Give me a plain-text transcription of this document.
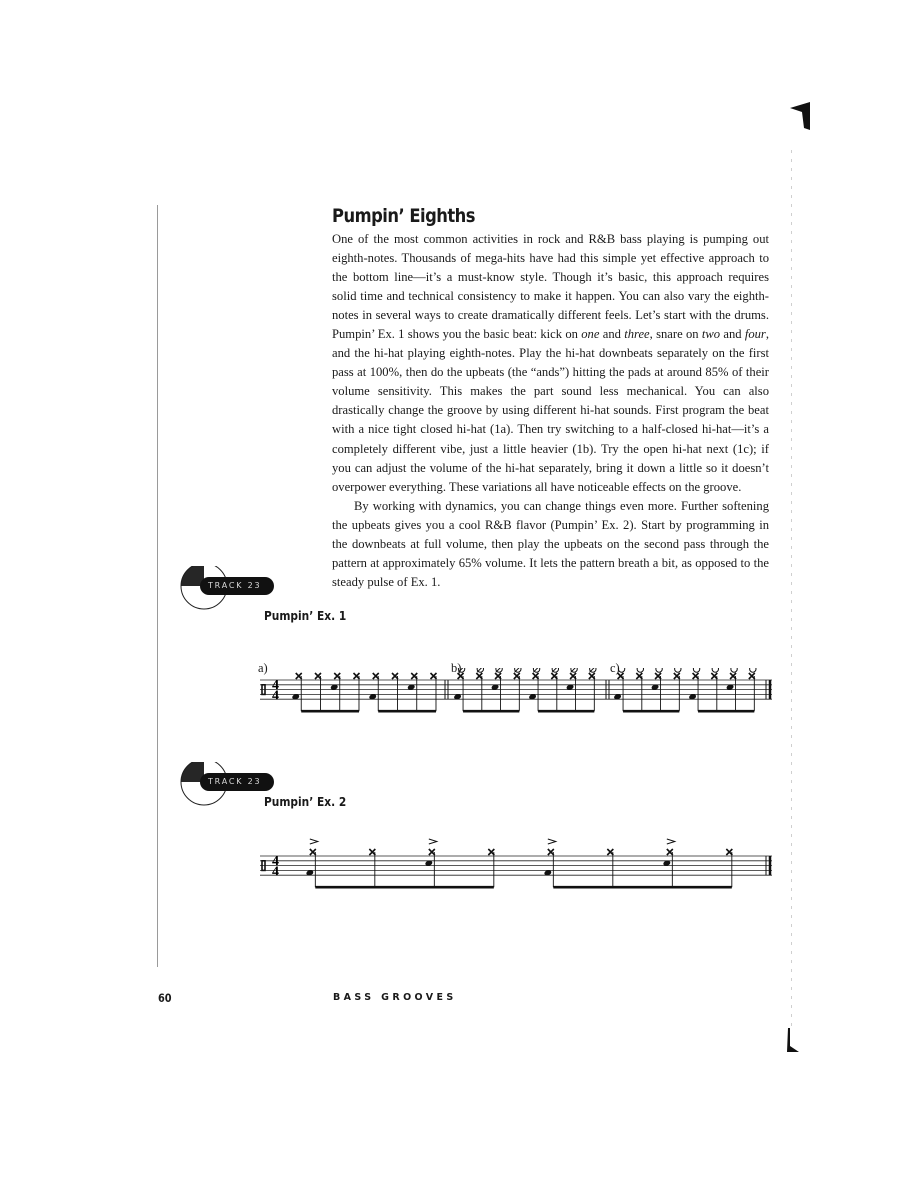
Pumpin’ Eighths

One of the most common activities in rock and R&B bass playing is pumping out eighth-notes. Thousands of mega-hits have had this simple yet effective approach to the bottom line—it’s a must-know style. Though it’s basic, this approach requires solid time and technical consistency to make it happen. You can also vary the eighth-notes in several ways to create dramatically different feels. Let’s start with the drums. Pumpin’ Ex. 1 shows you the basic beat: kick on one and three, snare on two and four, and the hi-hat playing eighth-notes. Play the hi-hat downbeats separately on the first pass at 100%, then do the upbeats (the “ands”) hitting the pads at around 85% of their volume sensitivity. This makes the part sound less mechanical. You can also drastically change the groove by using different hi-hat sounds. First program the beat with a nice tight closed hi-hat (1a). Then try switching to a half-closed hi-hat—it’s a completely different vibe, just a little heavier (1b). Try the open hi-hat next (1c); if you can adjust the volume of the hi-hat separately, bring it down a little so it doesn’t overpower everything. These variations all have noticeable effects on the groove.

By working with dynamics, you can change things even more. Further softening the upbeats gives you a cool R&B flavor (Pumpin’ Ex. 2). Start by programming in the downbeats at full volume, then play the upbeats on the second pass through the pattern at approximately 65% volume. It lets the pattern breath a bit, as opposed to the steady pulse of Ex. 1.

TRACK 23
Pumpin’ Ex. 1
a)	b)	c)
4
4
TRACK 23
Pumpin’ Ex. 2
4
4
60	BASS GROOVES
